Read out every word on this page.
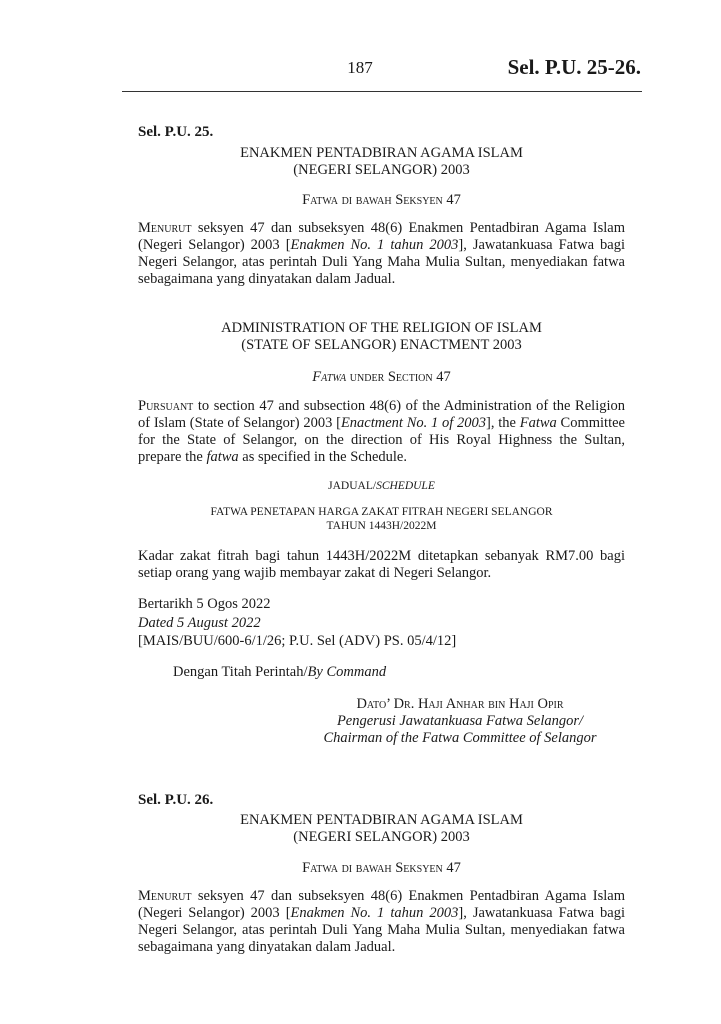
187	Sel. P.U. 25-26.
Sel. P.U. 25.
ENAKMEN PENTADBIRAN AGAMA ISLAM
(NEGERI SELANGOR) 2003
Fatwa di bawah Seksyen 47
Menurut seksyen 47 dan subseksyen 48(6) Enakmen Pentadbiran Agama Islam (Negeri Selangor) 2003 [Enakmen No. 1 tahun 2003], Jawatankuasa Fatwa bagi Negeri Selangor, atas perintah Duli Yang Maha Mulia Sultan, menyediakan fatwa sebagaimana yang dinyatakan dalam Jadual.
ADMINISTRATION OF THE RELIGION OF ISLAM
(STATE OF SELANGOR) ENACTMENT 2003
Fatwa under Section 47
Pursuant to section 47 and subsection 48(6) of the Administration of the Religion of Islam (State of Selangor) 2003 [Enactment No. 1 of 2003], the Fatwa Committee for the State of Selangor, on the direction of His Royal Highness the Sultan, prepare the fatwa as specified in the Schedule.
JADUAL/SCHEDULE
FATWA PENETAPAN HARGA ZAKAT FITRAH NEGERI SELANGOR
TAHUN 1443H/2022M
Kadar zakat fitrah bagi tahun 1443H/2022M ditetapkan sebanyak RM7.00 bagi setiap orang yang wajib membayar zakat di Negeri Selangor.
Bertarikh 5 Ogos 2022
Dated 5 August 2022
[MAIS/BUU/600-6/1/26; P.U. Sel (ADV) PS. 05/4/12]
Dengan Titah Perintah/By Command
Dato’ Dr. Haji Anhar bin Haji Opir
Pengerusi Jawatankuasa Fatwa Selangor/
Chairman of the Fatwa Committee of Selangor
Sel. P.U. 26.
ENAKMEN PENTADBIRAN AGAMA ISLAM
(NEGERI SELANGOR) 2003
Fatwa di bawah Seksyen 47
Menurut seksyen 47 dan subseksyen 48(6) Enakmen Pentadbiran Agama Islam (Negeri Selangor) 2003 [Enakmen No. 1 tahun 2003], Jawatankuasa Fatwa bagi Negeri Selangor, atas perintah Duli Yang Maha Mulia Sultan, menyediakan fatwa sebagaimana yang dinyatakan dalam Jadual.
